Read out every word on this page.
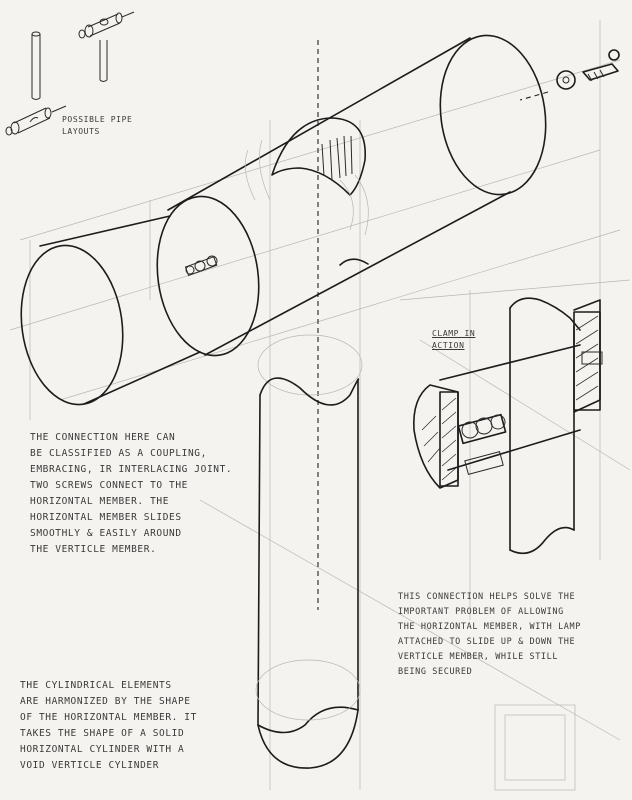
POSSIBLE PIPE
LAYOUTS
CLAMP IN
ACTION
THE CONNECTION HERE CAN
BE CLASSIFIED AS A COUPLING,
EMBRACING, IR INTERLACING JOINT.
TWO SCREWS CONNECT TO THE
HORIZONTAL MEMBER. THE
HORIZONTAL MEMBER SLIDES
SMOOTHLY & EASILY AROUND
THE VERTICLE MEMBER.
THIS CONNECTION HELPS SOLVE THE
IMPORTANT PROBLEM OF ALLOWING
THE HORIZONTAL MEMBER, WITH LAMP
ATTACHED TO SLIDE UP & DOWN THE
VERTICLE MEMBER, WHILE STILL
BEING SECURED
THE CYLINDRICAL ELEMENTS
ARE HARMONIZED BY THE SHAPE
OF THE HORIZONTAL MEMBER. IT
TAKES THE SHAPE OF A SOLID
HORIZONTAL CYLINDER WITH A
VOID VERTICLE CYLINDER
